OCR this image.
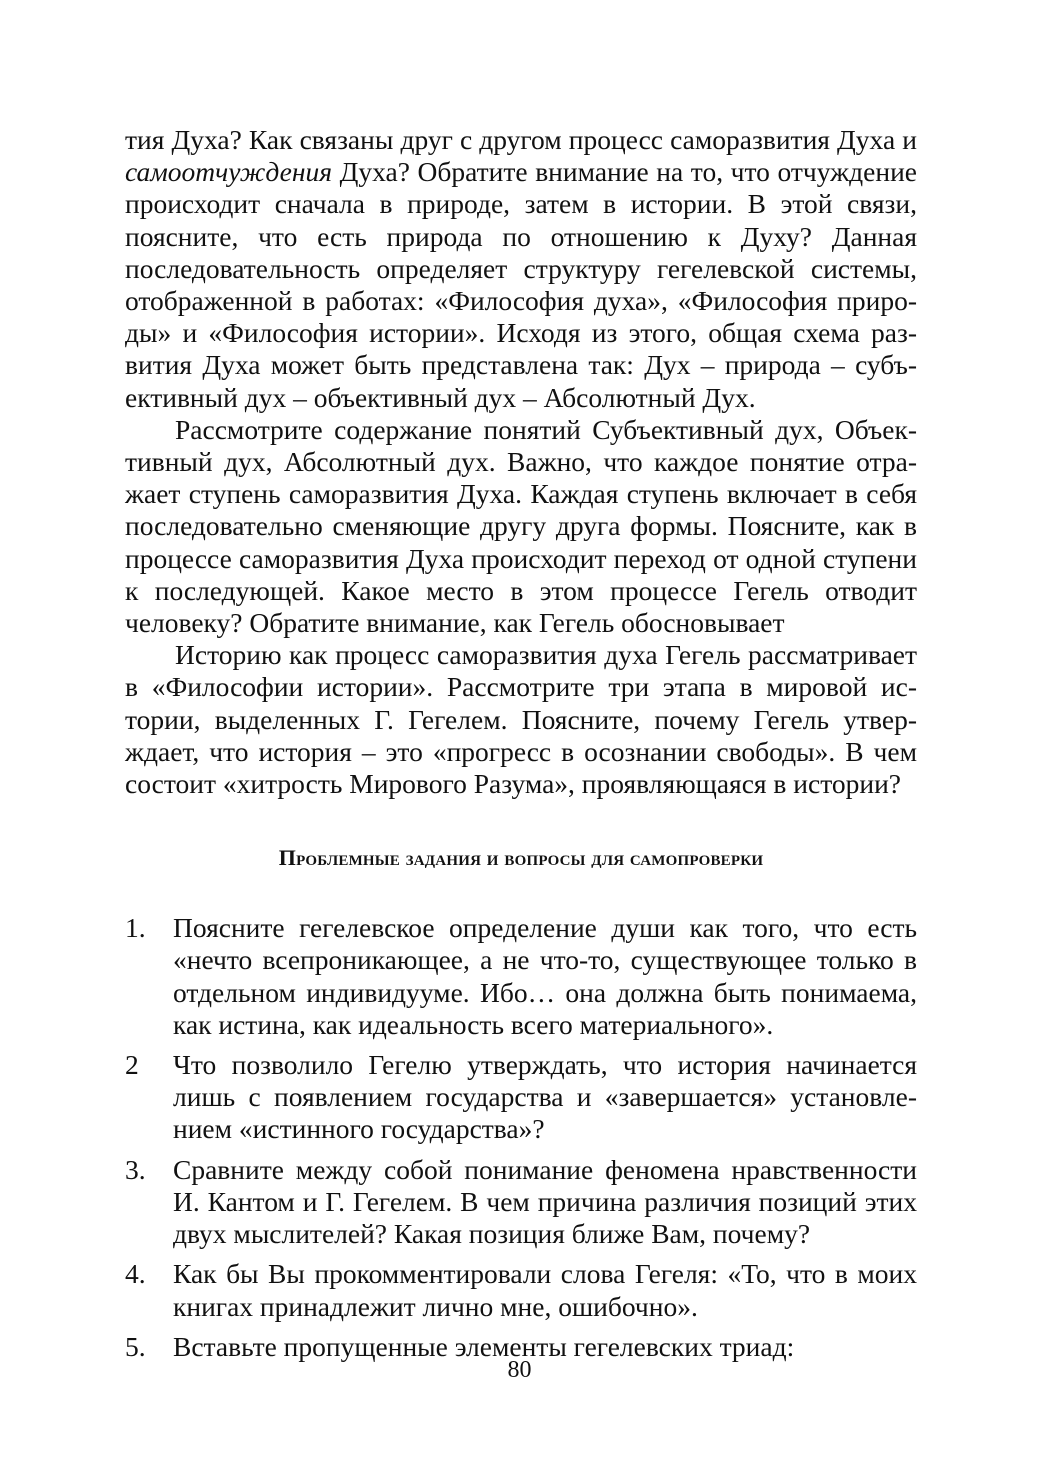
тия Духа? Как связаны друг с другом процесс саморазвития Духа и самоотчуждения Духа? Обратите внимание на то, что отчуждение происходит сначала в природе, затем в истории. В этой связи, поясните, что есть природа по отношению к Духу? Данная последовательность определяет структуру гегелевской системы, отображенной в работах: «Философия духа», «Философия природы» и «Философия истории». Исходя из этого, общая схема развития Духа может быть представлена так: Дух – природа – субъективный дух – объективный дух – Абсолютный Дух.

Рассмотрите содержание понятий Субъективный дух, Объективный дух, Абсолютный дух. Важно, что каждое понятие отражает ступень саморазвития Духа. Каждая ступень включает в себя последовательно сменяющие другу друга формы. Поясните, как в процессе саморазвития Духа происходит переход от одной ступени к последующей. Какое место в этом процессе Гегель отводит человеку? Обратите внимание, как Гегель обосновывает

Историю как процесс саморазвития духа Гегель рассматривает в «Философии истории». Рассмотрите три этапа в мировой истории, выделенных Г. Гегелем. Поясните, почему Гегель утверждает, что история – это «прогресс в осознании свободы». В чем состоит «хитрость Мирового Разума», проявляющаяся в истории?

Проблемные задания и вопросы для самопроверки
1. Поясните гегелевское определение души как того, что есть «нечто всепроникающее, а не что-то, существующее только в отдельном индивидууме. Ибо… она должна быть понимаема, как истина, как идеальность всего материального».
2	Что позволило Гегелю утверждать, что история начинается лишь с появлением государства и «завершается» установлением «истинного государства»?
3. Сравните между собой понимание феномена нравственности И. Кантом и Г. Гегелем. В чем причина различия позиций этих двух мыслителей? Какая позиция ближе Вам, почему?
4. Как бы Вы прокомментировали слова Гегеля: «То, что в моих книгах принадлежит лично мне, ошибочно».
5. Вставьте пропущенные элементы гегелевских триад:
80
